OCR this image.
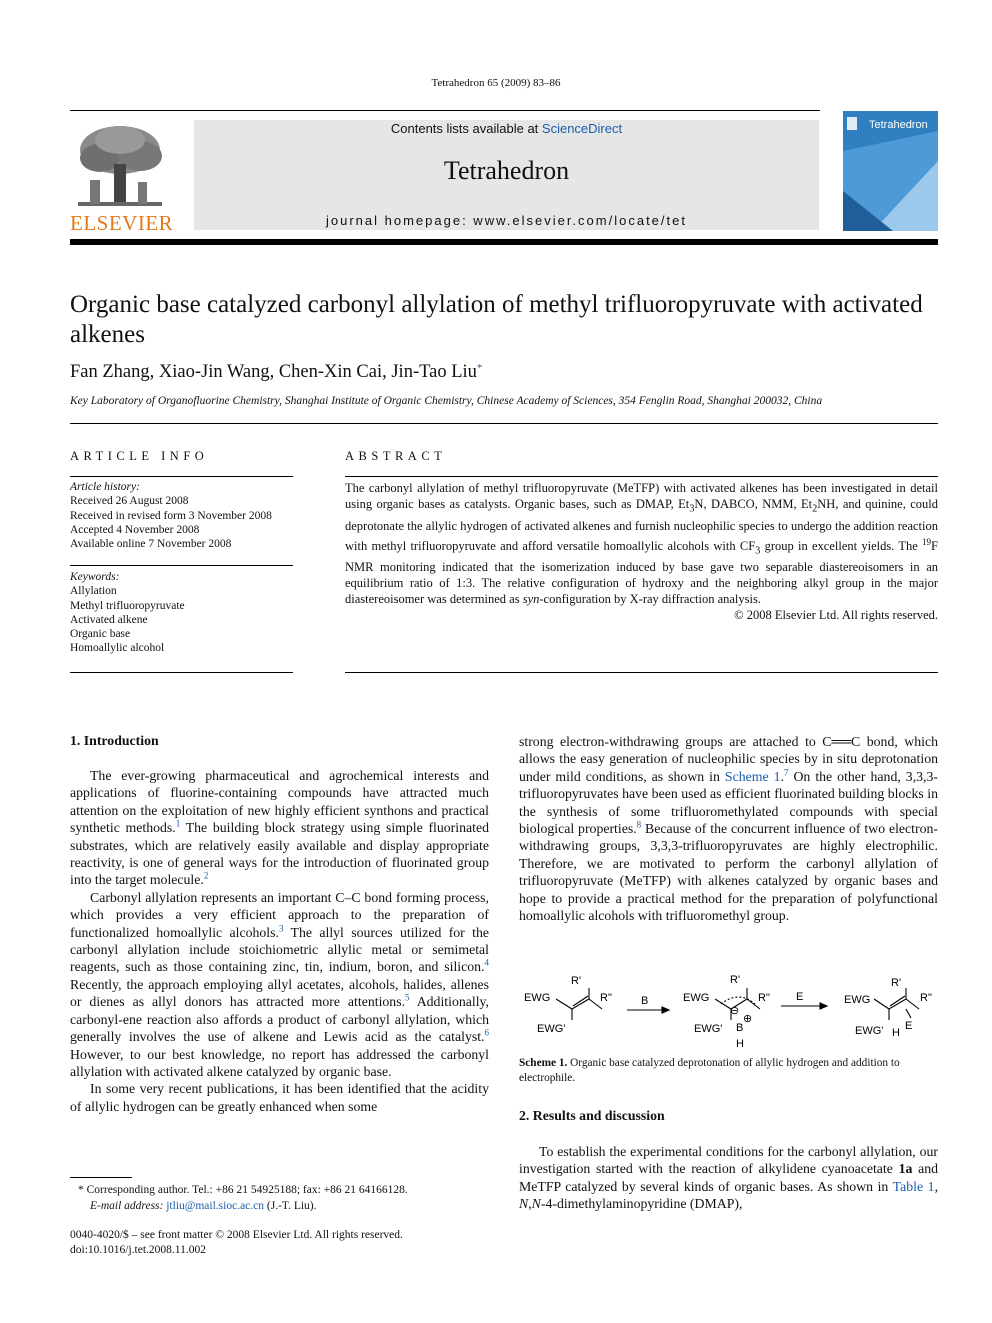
Tetrahedron 65 (2009) 83–86
ELSEVIER
Contents lists available at ScienceDirect
Tetrahedron
journal homepage: www.elsevier.com/locate/tet
Tetrahedron
Organic base catalyzed carbonyl allylation of methyl trifluoropyruvate with activated alkenes
Fan Zhang, Xiao-Jin Wang, Chen-Xin Cai, Jin-Tao Liu*
Key Laboratory of Organofluorine Chemistry, Shanghai Institute of Organic Chemistry, Chinese Academy of Sciences, 354 Fenglin Road, Shanghai 200032, China
ARTICLE INFO	ABSTRACT
Article history:
Received 26 August 2008
Received in revised form 3 November 2008
Accepted 4 November 2008
Available online 7 November 2008
Keywords:
Allylation
Methyl trifluoropyruvate
Activated alkene
Organic base
Homoallylic alcohol
The carbonyl allylation of methyl trifluoropyruvate (MeTFP) with activated alkenes has been investigated in detail using organic bases as catalysts. Organic bases, such as DMAP, $Et_3N$, DABCO, NMM, $Et_2NH$, and quinine, could deprotonate the allylic hydrogen of activated alkenes and furnish nucleophilic species to undergo the addition reaction with methyl trifluoropyruvate and afford versatile homoallylic alcohols with $CF_3$ group in excellent yields. The $^{19}$F NMR monitoring indicated that the isomerization induced by base gave two separable diastereoisomers in an equilibrium ratio of 1:3. The relative configuration of hydroxy and the neighboring alkyl group in the major diastereoisomer was determined as syn-configuration by X-ray diffraction analysis.
© 2008 Elsevier Ltd. All rights reserved.
1. Introduction

The ever-growing pharmaceutical and agrochemical interests and applications of fluorine-containing compounds have attracted much attention on the exploitation of new highly efficient synthons and practical synthetic methods.$^1$ The building block strategy using simple fluorinated substrates, which are relatively easily available and display appropriate reactivity, is one of general ways for the introduction of fluorinated group into the target molecule.$^2$

Carbonyl allylation represents an important C–C bond forming process, which provides a very efficient approach to the preparation of functionalized homoallylic alcohols.$^3$ The allyl sources utilized for the carbonyl allylation include stoichiometric allylic metal or semimetal reagents, such as those containing zinc, tin, indium, boron, and silicon.$^4$ Recently, the approach employing allyl acetates, alcohols, halides, allenes or dienes as allyl donors has attracted more attentions.$^5$ Additionally, carbonyl-ene reaction also affords a product of carbonyl allylation, which generally involves the use of alkene and Lewis acid as the catalyst.$^6$ However, to our best knowledge, no report has addressed the carbonyl allylation with activated alkene catalyzed by organic base.

In some very recent publications, it has been identified that the acidity of allylic hydrogen can be greatly enhanced when some

strong electron-withdrawing groups are attached to C══C bond, which allows the easy generation of nucleophilic species by in situ deprotonation under mild conditions, as shown in Scheme 1.$^7$ On the other hand, 3,3,3-trifluoropyruvates have been used as efficient fluorinated building blocks in the synthesis of some trifluoromethylated compounds with special biological properties.$^8$ Because of the concurrent influence of two electron-withdrawing groups, 3,3,3-trifluoropyruvates are highly electrophilic. Therefore, we are motivated to perform the carbonyl allylation of trifluoropyruvate (MeTFP) with alkenes catalyzed by organic bases and hope to provide a practical method for the preparation of polyfunctional homoallylic alcohols with trifluoromethyl group.
EWG
R'
R"
EWG'
B	EWG
R'
R"
EWG'
⊖
⊕
B
H
E	EWG
R'
R"
EWG' H
E
Scheme 1. Organic base catalyzed deprotonation of allylic hydrogen and addition to electrophile.
2. Results and discussion

To establish the experimental conditions for the carbonyl allylation, our investigation started with the reaction of alkylidene cyanoacetate 1a and MeTFP catalyzed by several kinds of organic bases. As shown in Table 1, N,N-4-dimethylaminopyridine (DMAP),

* Corresponding author. Tel.: +86 21 54925188; fax: +86 21 64166128.
E-mail address: jtliu@mail.sioc.ac.cn (J.-T. Liu).
0040-4020/$ – see front matter © 2008 Elsevier Ltd. All rights reserved.
doi:10.1016/j.tet.2008.11.002
